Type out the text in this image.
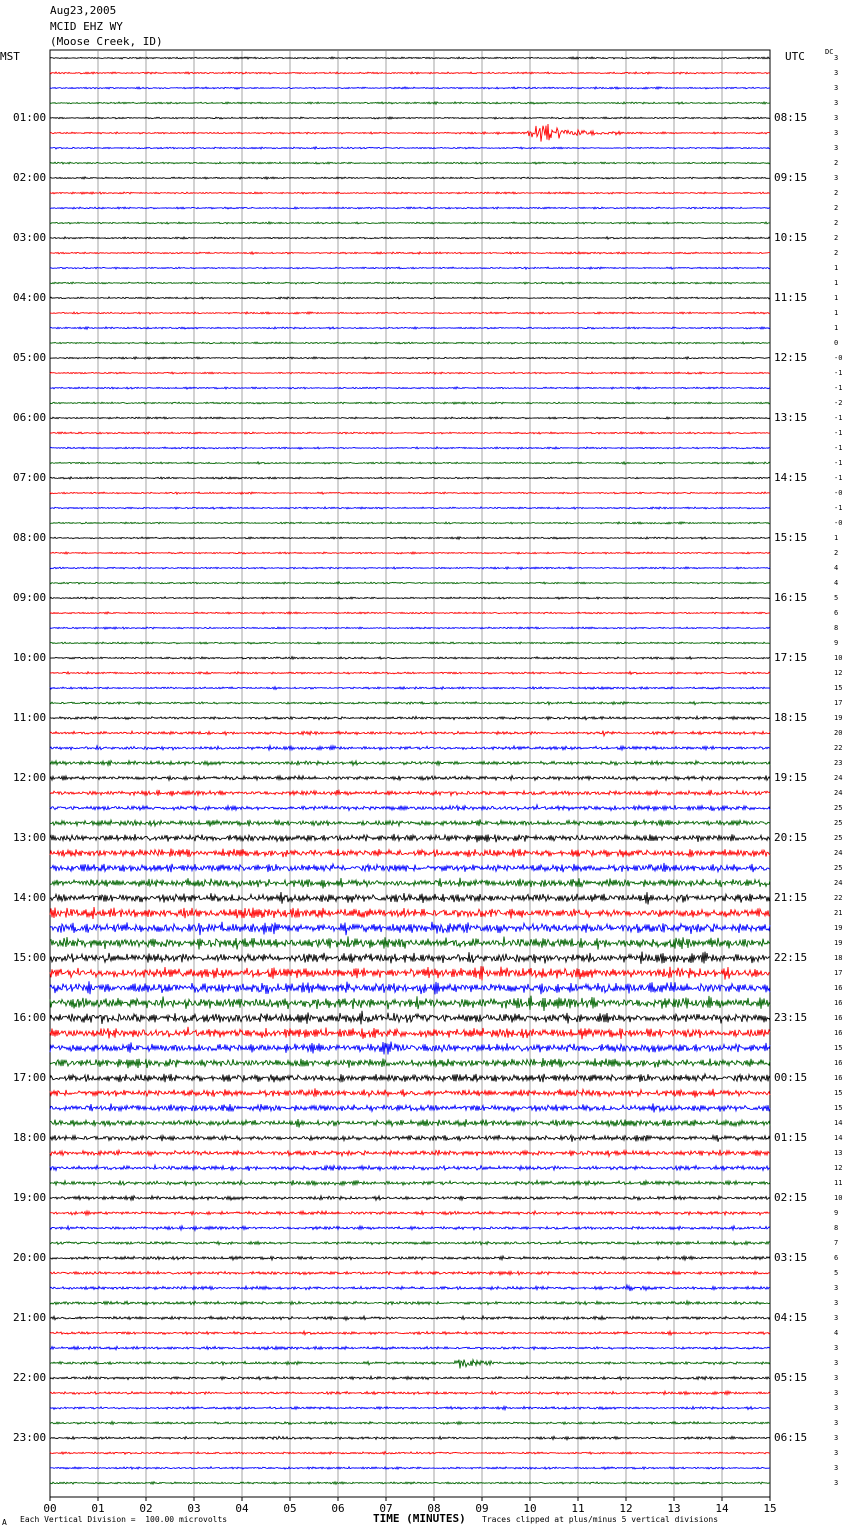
00	01	02	03	04	05	06	07	08	09	10	11	12	13	14	15
Aug23,2005
MCID EHZ WY
(Moose Creek, ID)
MST	UTC	DC
01:00
02:00
03:00
04:00
05:00
06:00
07:00
08:00
09:00
10:00
11:00
12:00
13:00
14:00
15:00
16:00
17:00
18:00
19:00
20:00
21:00
22:00
23:00
08:15
09:15
10:15
11:15
12:15
13:15
14:15
15:15
16:15
17:15
18:15
19:15
20:15
21:15
22:15
23:15
00:15
01:15
02:15
03:15
04:15
05:15
06:15
3
3
3
3
3
3
3
2
3
2
2
2
2
2
1
1
1
1
1
0
-0
-1
-1
-2
-1
-1
-1
-1
-1
-0
-1
-0
1
2
4
4
5
6
8
9
10
12
15
17
19
20
22
23
24
24
25
25
25
24
25
24
22
21
19
19
18
17
16
16
16
16
15
16
16
15
15
14
14
13
12
11
10
9
8
7
6
5
3
3
3
4
3
3
3
3
3
3
3
3
3
3
A Each Vertical Division =  100.00 microvolts	TIME (MINUTES) Traces clipped at plus/minus 5 vertical divisions
